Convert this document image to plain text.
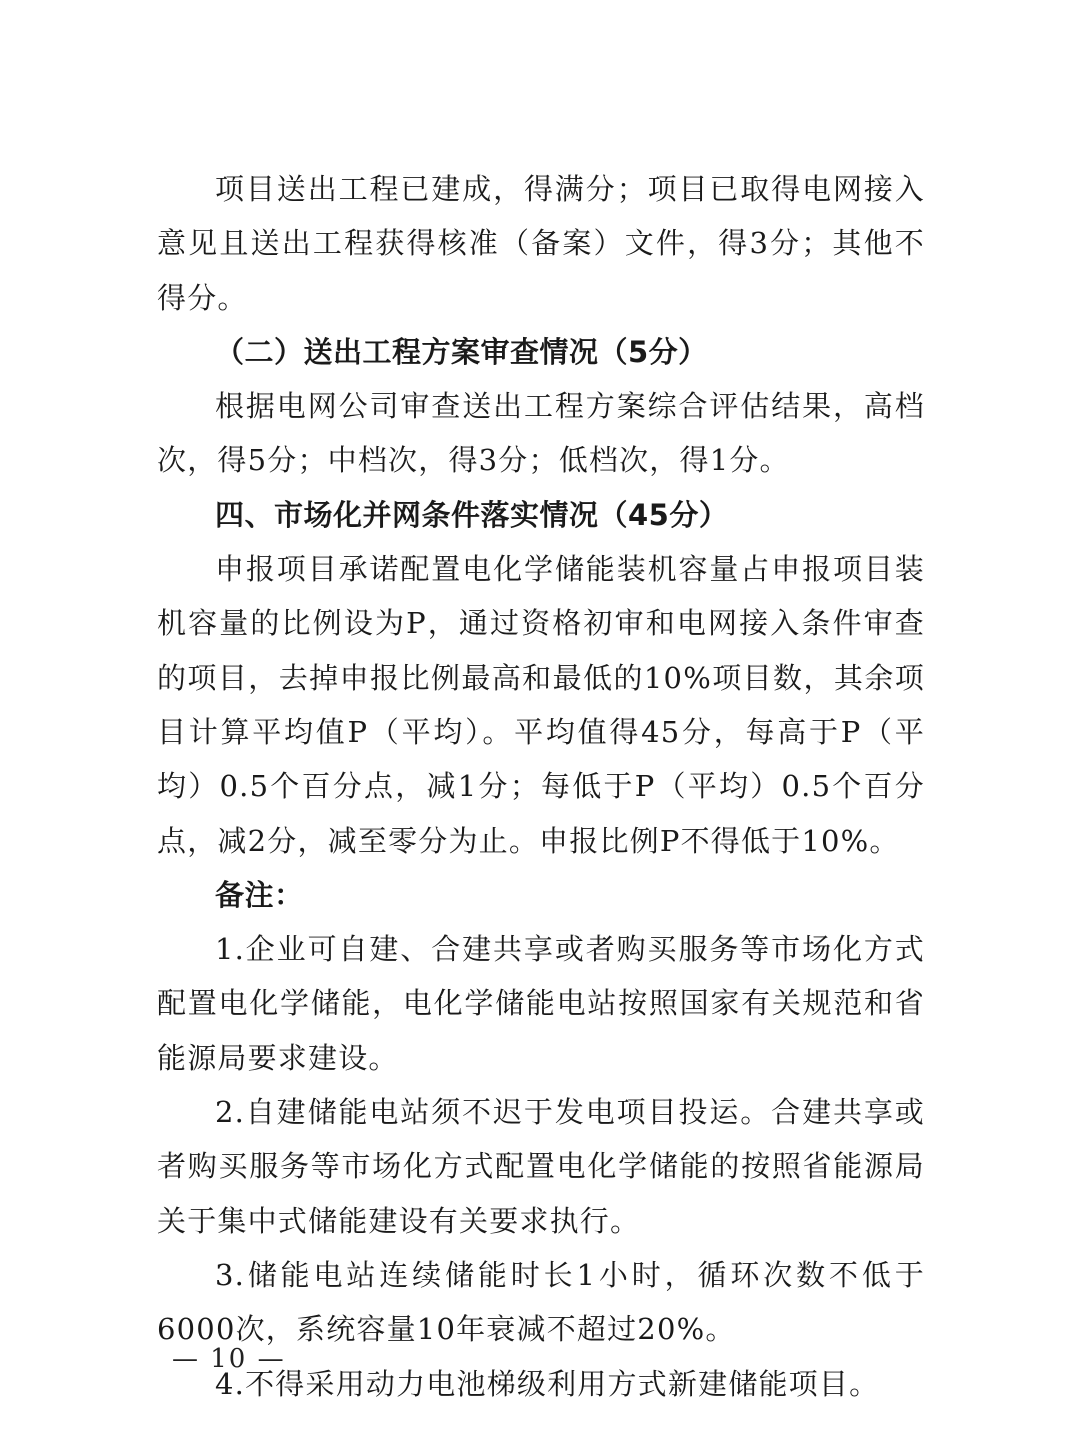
项目送出工程已建成，得满分；项目已取得电网接入意见且送出工程获得核准（备案）文件，得3分；其他不得分。

（二）送出工程方案审查情况（5分）

根据电网公司审查送出工程方案综合评估结果，高档次，得5分；中档次，得3分；低档次，得1分。

四、市场化并网条件落实情况（45分）

申报项目承诺配置电化学储能装机容量占申报项目装机容量的比例设为P，通过资格初审和电网接入条件审查的项目，去掉申报比例最高和最低的10%项目数，其余项目计算平均值P（平均）。平均值得45分，每高于P（平均）0.5个百分点，减1分；每低于P（平均）0.5个百分点，减2分，减至零分为止。申报比例P不得低于10%。

备注：

1.企业可自建、合建共享或者购买服务等市场化方式配置电化学储能，电化学储能电站按照国家有关规范和省能源局要求建设。

2.自建储能电站须不迟于发电项目投运。合建共享或者购买服务等市场化方式配置电化学储能的按照省能源局关于集中式储能建设有关要求执行。

3.储能电站连续储能时长1小时，循环次数不低于6000次，系统容量10年衰减不超过20%。

4.不得采用动力电池梯级利用方式新建储能项目。

— 10 —
